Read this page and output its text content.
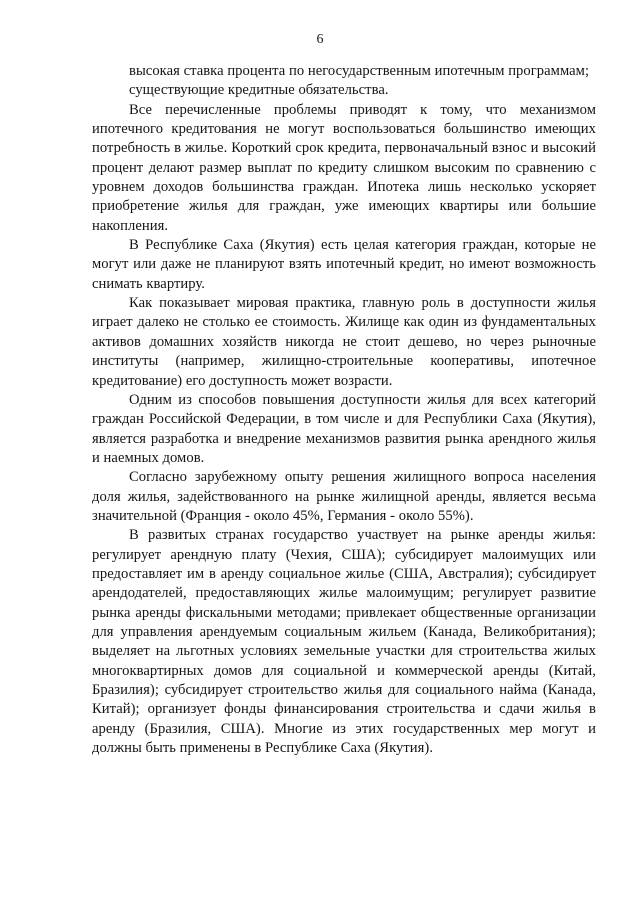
6

высокая ставка процента по негосударственным ипотечным программам;

существующие кредитные обязательства.

Все перечисленные проблемы приводят к тому, что механизмом ипотечного кредитования не могут воспользоваться большинство имеющих потребность в жилье. Короткий срок кредита, первоначальный взнос и высокий процент делают размер выплат по кредиту слишком высоким по сравнению с уровнем доходов большинства граждан. Ипотека лишь несколько ускоряет приобретение жилья для граждан, уже имеющих квартиры или большие накопления.

В Республике Саха (Якутия) есть целая категория граждан, которые не могут или даже не планируют взять ипотечный кредит, но имеют возможность снимать квартиру.

Как показывает мировая практика, главную роль в доступности жилья играет далеко не столько ее стоимость. Жилище как один из фундаментальных активов домашних хозяйств никогда не стоит дешево, но через рыночные институты (например, жилищно-строительные кооперативы, ипотечное кредитование) его доступность может возрасти.

Одним из способов повышения доступности жилья для всех категорий граждан Российской Федерации, в том числе и для Республики Саха (Якутия), является разработка и внедрение механизмов развития рынка арендного жилья и наемных домов.

Согласно зарубежному опыту решения жилищного вопроса населения доля жилья, задействованного на рынке жилищной аренды, является весьма значительной (Франция - около 45%, Германия - около 55%).

В развитых странах государство участвует на рынке аренды жилья: регулирует арендную плату (Чехия, США); субсидирует малоимущих или предоставляет им в аренду социальное жилье (США, Австралия); субсидирует арендодателей, предоставляющих жилье малоимущим; регулирует развитие рынка аренды фискальными методами; привлекает общественные организации для управления арендуемым социальным жильем (Канада, Великобритания); выделяет на льготных условиях земельные участки для строительства жилых многоквартирных домов для социальной и коммерческой аренды (Китай, Бразилия); субсидирует строительство жилья для социального найма (Канада, Китай); организует фонды финансирования строительства и сдачи жилья в аренду (Бразилия, США). Многие из этих государственных мер могут и должны быть применены в Республике Саха (Якутия).
